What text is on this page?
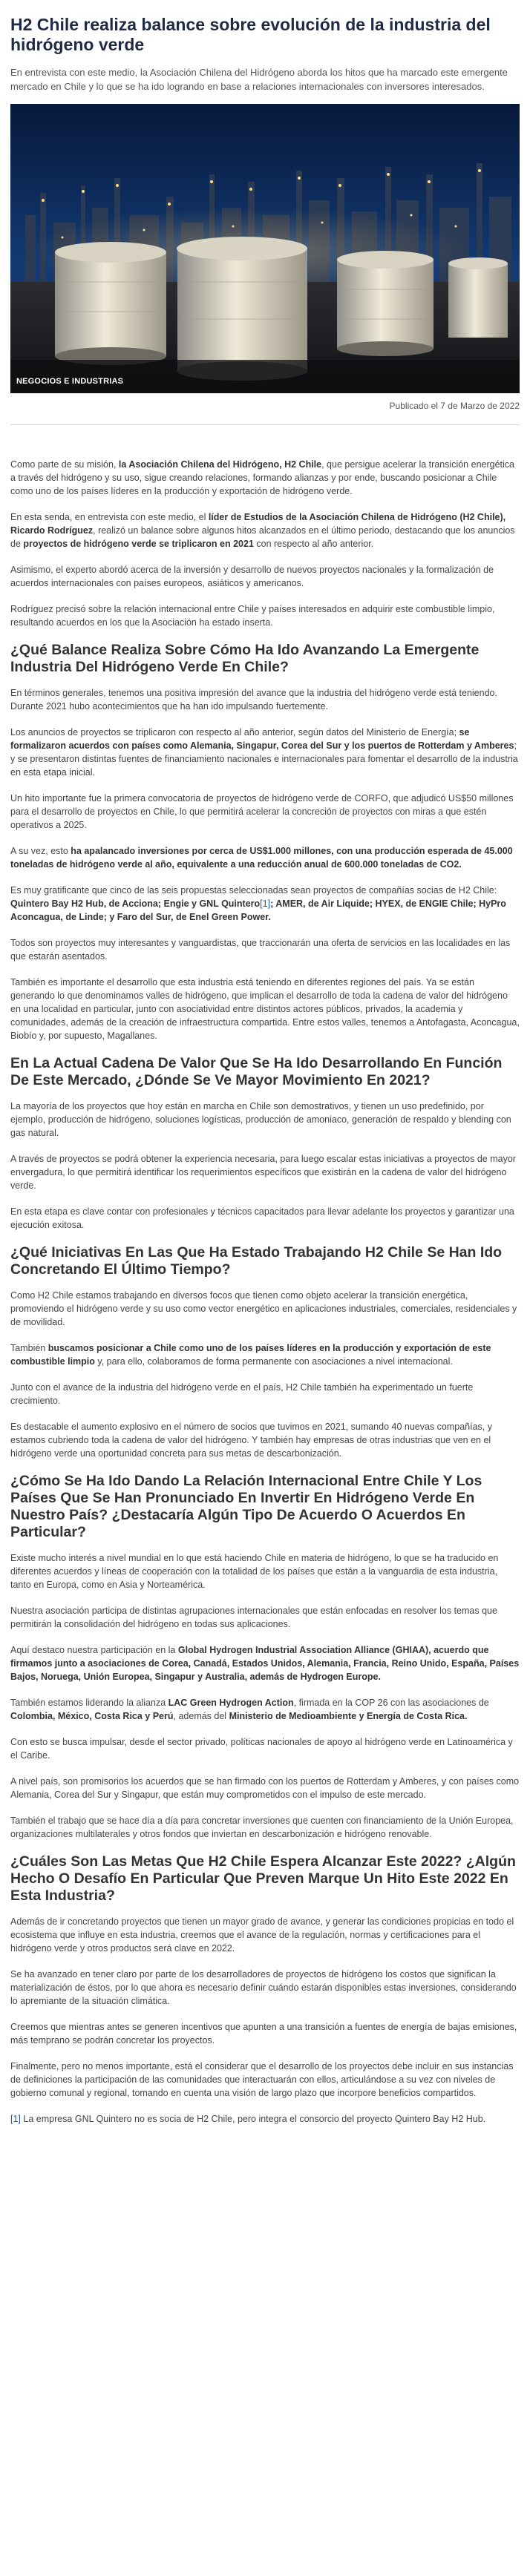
H2 Chile realiza balance sobre evolución de la industria del hidrógeno verde

En entrevista con este medio, la Asociación Chilena del Hidrógeno aborda los hitos que ha marcado este emergente mercado en Chile y lo que se ha ido logrando en base a relaciones internacionales con inversores interesados.

NEGOCIOS E INDUSTRIAS
Publicado el 7 de Marzo de 2022

Como parte de su misión, la Asociación Chilena del Hidrógeno, H2 Chile, que persigue acelerar la transición energética a través del hidrógeno y su uso, sigue creando relaciones, formando alianzas y por ende, buscando posicionar a Chile como uno de los países líderes en la producción y exportación de hidrógeno verde.

En esta senda, en entrevista con este medio, el líder de Estudios de la Asociación Chilena de Hidrógeno (H2 Chile), Ricardo Rodríguez, realizó un balance sobre algunos hitos alcanzados en el último periodo, destacando que los anuncios de proyectos de hidrógeno verde se triplicaron en 2021 con respecto al año anterior.

Asimismo, el experto abordó acerca de la inversión y desarrollo de nuevos proyectos nacionales y la formalización de acuerdos internacionales con países europeos, asiáticos y americanos.

Rodríguez precisó sobre la relación internacional entre Chile y países interesados en adquirir este combustible limpio, resultando acuerdos en los que la Asociación ha estado inserta.

¿Qué Balance Realiza Sobre Cómo Ha Ido Avanzando La Emergente Industria Del Hidrógeno Verde En Chile?

En términos generales, tenemos una positiva impresión del avance que la industria del hidrógeno verde está teniendo. Durante 2021 hubo acontecimientos que ha han ido impulsando fuertemente.

Los anuncios de proyectos se triplicaron con respecto al año anterior, según datos del Ministerio de Energía; se formalizaron acuerdos con países como Alemania, Singapur, Corea del Sur y los puertos de Rotterdam y Amberes; y se presentaron distintas fuentes de financiamiento nacionales e internacionales para fomentar el desarrollo de la industria en esta etapa inicial.

Un hito importante fue la primera convocatoria de proyectos de hidrógeno verde de CORFO, que adjudicó US$50 millones para el desarrollo de proyectos en Chile, lo que permitirá acelerar la concreción de proyectos con miras a que estén operativos a 2025.

A su vez, esto ha apalancado inversiones por cerca de US$1.000 millones, con una producción esperada de 45.000 toneladas de hidrógeno verde al año, equivalente a una reducción anual de 600.000 toneladas de CO2.

Es muy gratificante que cinco de las seis propuestas seleccionadas sean proyectos de compañías socias de H2 Chile: Quintero Bay H2 Hub, de Acciona; Engie y GNL Quintero[1]; AMER, de Air Liquide; HYEX, de ENGIE Chile; HyPro Aconcagua, de Linde; y Faro del Sur, de Enel Green Power.

Todos son proyectos muy interesantes y vanguardistas, que traccionarán una oferta de servicios en las localidades en las que estarán asentados.

También es importante el desarrollo que esta industria está teniendo en diferentes regiones del país. Ya se están generando lo que denominamos valles de hidrógeno, que implican el desarrollo de toda la cadena de valor del hidrógeno en una localidad en particular, junto con asociatividad entre distintos actores públicos, privados, la academia y comunidades, además de la creación de infraestructura compartida. Entre estos valles, tenemos a Antofagasta, Aconcagua, Biobío y, por supuesto, Magallanes.

En La Actual Cadena De Valor Que Se Ha Ido Desarrollando En Función De Este Mercado, ¿Dónde Se Ve Mayor Movimiento En 2021?

La mayoría de los proyectos que hoy están en marcha en Chile son demostrativos, y tienen un uso predefinido, por ejemplo, producción de hidrógeno, soluciones logísticas, producción de amoniaco, generación de respaldo y blending con gas natural.

A través de proyectos se podrá obtener la experiencia necesaria, para luego escalar estas iniciativas a proyectos de mayor envergadura, lo que permitirá identificar los requerimientos específicos que existirán en la cadena de valor del hidrógeno verde.

En esta etapa es clave contar con profesionales y técnicos capacitados para llevar adelante los proyectos y garantizar una ejecución exitosa.

¿Qué Iniciativas En Las Que Ha Estado Trabajando H2 Chile Se Han Ido Concretando El Último Tiempo?

Como H2 Chile estamos trabajando en diversos focos que tienen como objeto acelerar la transición energética, promoviendo el hidrógeno verde y su uso como vector energético en aplicaciones industriales, comerciales, residenciales y de movilidad.

También buscamos posicionar a Chile como uno de los países líderes en la producción y exportación de este combustible limpio y, para ello, colaboramos de forma permanente con asociaciones a nivel internacional.

Junto con el avance de la industria del hidrógeno verde en el país, H2 Chile también ha experimentado un fuerte crecimiento.

Es destacable el aumento explosivo en el número de socios que tuvimos en 2021, sumando 40 nuevas compañías, y estamos cubriendo toda la cadena de valor del hidrógeno. Y también hay empresas de otras industrias que ven en el hidrógeno verde una oportunidad concreta para sus metas de descarbonización.

¿Cómo Se Ha Ido Dando La Relación Internacional Entre Chile Y Los Países Que Se Han Pronunciado En Invertir En Hidrógeno Verde En Nuestro País? ¿Destacaría Algún Tipo De Acuerdo O Acuerdos En Particular?

Existe mucho interés a nivel mundial en lo que está haciendo Chile en materia de hidrógeno, lo que se ha traducido en diferentes acuerdos y líneas de cooperación con la totalidad de los países que están a la vanguardia de esta industria, tanto en Europa, como en Asia y Norteamérica.

Nuestra asociación participa de distintas agrupaciones internacionales que están enfocadas en resolver los temas que permitirán la consolidación del hidrógeno en todas sus aplicaciones.

Aquí destaco nuestra participación en la Global Hydrogen Industrial Association Alliance (GHIAA), acuerdo que firmamos junto a asociaciones de Corea, Canadá, Estados Unidos, Alemania, Francia, Reino Unido, España, Países Bajos, Noruega, Unión Europea, Singapur y Australia, además de Hydrogen Europe.

También estamos liderando la alianza LAC Green Hydrogen Action, firmada en la COP 26 con las asociaciones de Colombia, México, Costa Rica y Perú, además del Ministerio de Medioambiente y Energía de Costa Rica.

Con esto se busca impulsar, desde el sector privado, políticas nacionales de apoyo al hidrógeno verde en Latinoamérica y el Caribe.

A nivel país, son promisorios los acuerdos que se han firmado con los puertos de Rotterdam y Amberes, y con países como Alemania, Corea del Sur y Singapur, que están muy comprometidos con el impulso de este mercado.

También el trabajo que se hace día a día para concretar inversiones que cuenten con financiamiento de la Unión Europea, organizaciones multilaterales y otros fondos que inviertan en descarbonización e hidrógeno renovable.

¿Cuáles Son Las Metas Que H2 Chile Espera Alcanzar Este 2022? ¿Algún Hecho O Desafío En Particular Que Preven Marque Un Hito Este 2022 En Esta Industria?

Además de ir concretando proyectos que tienen un mayor grado de avance, y generar las condiciones propicias en todo el ecosistema que influye en esta industria, creemos que el avance de la regulación, normas y certificaciones para el hidrógeno verde y otros productos será clave en 2022.

Se ha avanzado en tener claro por parte de los desarrolladores de proyectos de hidrógeno los costos que significan la materialización de éstos, por lo que ahora es necesario definir cuándo estarán disponibles estas inversiones, considerando lo apremiante de la situación climática.

Creemos que mientras antes se generen incentivos que apunten a una transición a fuentes de energía de bajas emisiones, más temprano se podrán concretar los proyectos.

Finalmente, pero no menos importante, está el considerar que el desarrollo de los proyectos debe incluir en sus instancias de definiciones la participación de las comunidades que interactuarán con ellos, articulándose a su vez con niveles de gobierno comunal y regional, tomando en cuenta una visión de largo plazo que incorpore beneficios compartidos.

[1] La empresa GNL Quintero no es socia de H2 Chile, pero integra el consorcio del proyecto Quintero Bay H2 Hub.
